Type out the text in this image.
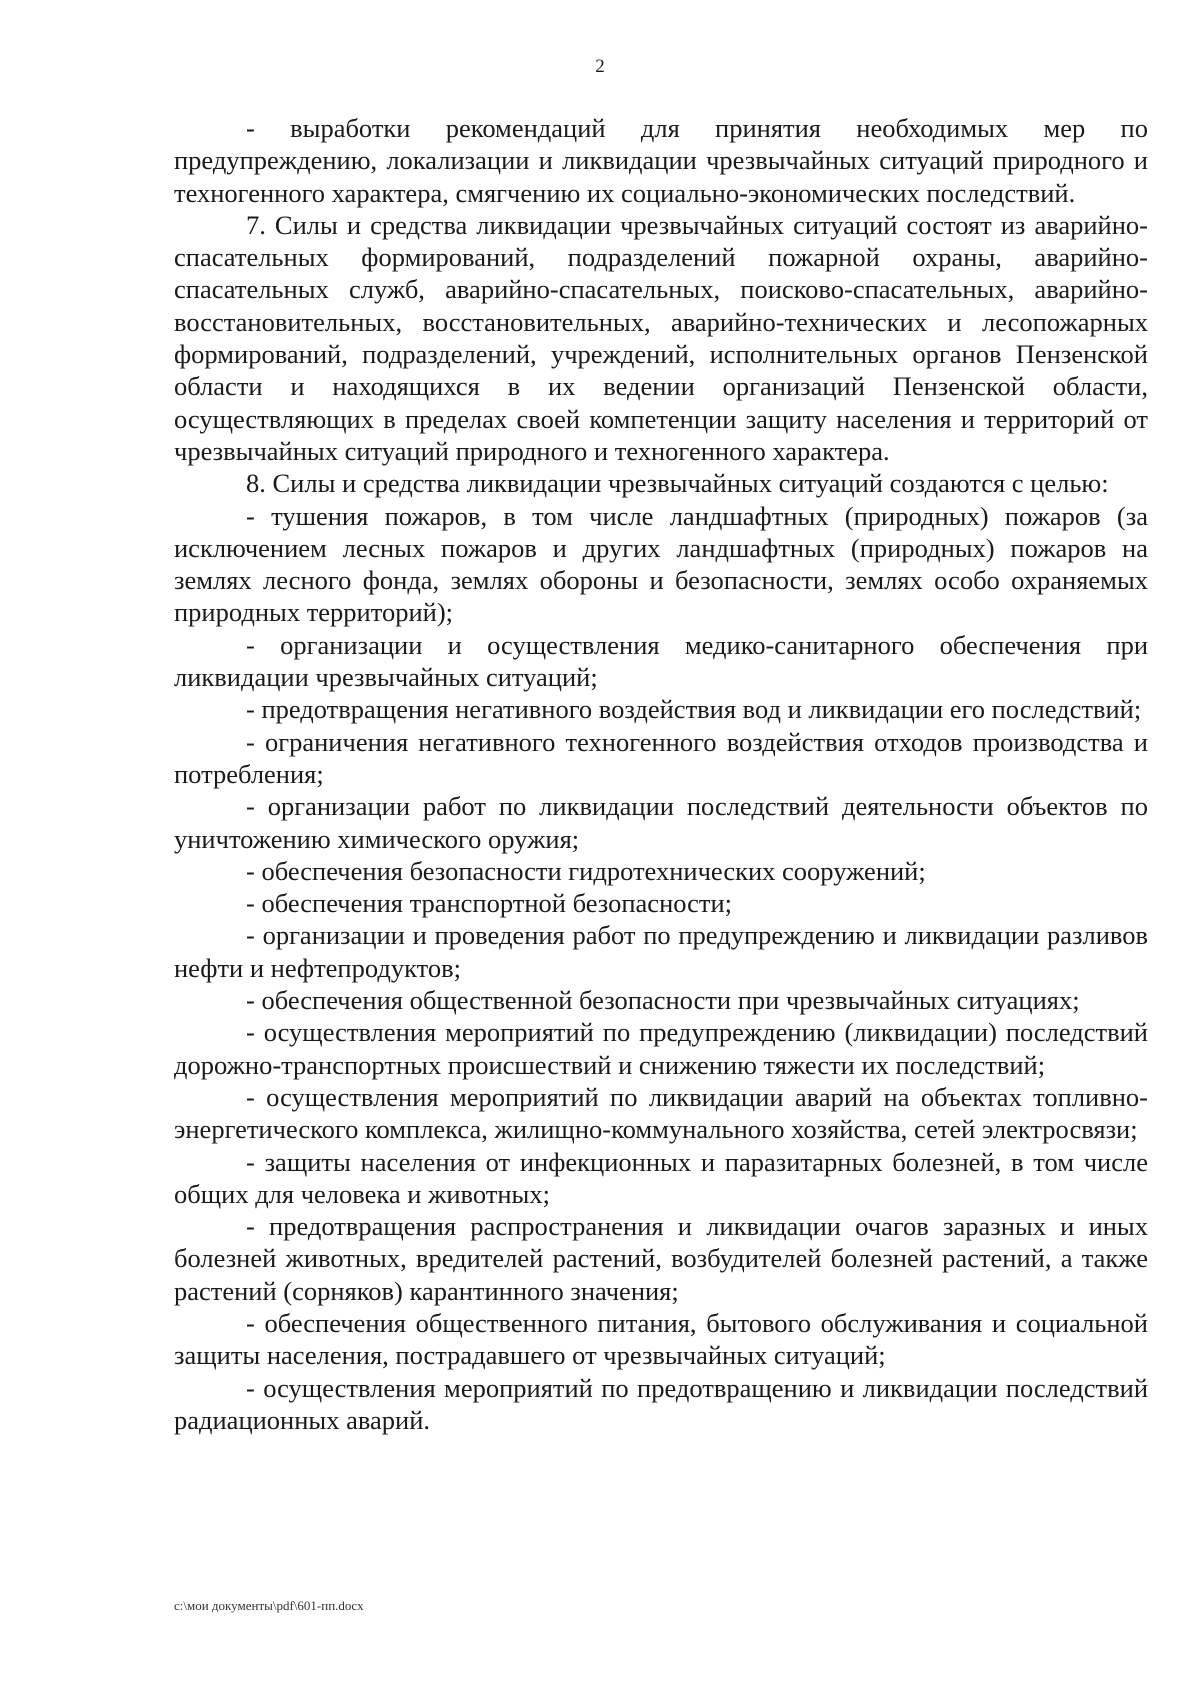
2

- выработки рекомендаций для принятия необходимых мер по предупреждению, локализации и ликвидации чрезвычайных ситуаций природного и техногенного характера, смягчению их социально-экономических последствий.

7. Силы и средства ликвидации чрезвычайных ситуаций состоят из аварийно-спасательных формирований, подразделений пожарной охраны, аварийно-спасательных служб, аварийно-спасательных, поисково-спасательных, аварийно-восстановительных, восстановительных, аварийно-технических и лесопожарных формирований, подразделений, учреждений, исполнительных органов Пензенской области и находящихся в их ведении организаций Пензенской области, осуществляющих в пределах своей компетенции защиту населения и территорий от чрезвычайных ситуаций природного и техногенного характера.

8. Силы и средства ликвидации чрезвычайных ситуаций создаются с целью:

- тушения пожаров, в том числе ландшафтных (природных) пожаров (за исключением лесных пожаров и других ландшафтных (природных) пожаров на землях лесного фонда, землях обороны и безопасности, землях особо охраняемых природных территорий);

- организации и осуществления медико-санитарного обеспечения при ликвидации чрезвычайных ситуаций;

- предотвращения негативного воздействия вод и ликвидации его последствий;

- ограничения негативного техногенного воздействия отходов производства и потребления;

- организации работ по ликвидации последствий деятельности объектов по уничтожению химического оружия;

- обеспечения безопасности гидротехнических сооружений;

- обеспечения транспортной безопасности;

- организации и проведения работ по предупреждению и ликвидации разливов нефти и нефтепродуктов;

- обеспечения общественной безопасности при чрезвычайных ситуациях;

- осуществления мероприятий по предупреждению (ликвидации) последствий дорожно-транспортных происшествий и снижению тяжести их последствий;

- осуществления мероприятий по ликвидации аварий на объектах топливно-энергетического комплекса, жилищно-коммунального хозяйства, сетей электросвязи;

- защиты населения от инфекционных и паразитарных болезней, в том числе общих для человека и животных;

- предотвращения распространения и ликвидации очагов заразных и иных болезней животных, вредителей растений, возбудителей болезней растений, а также растений (сорняков) карантинного значения;

- обеспечения общественного питания, бытового обслуживания и социальной защиты населения, пострадавшего от чрезвычайных ситуаций;

- осуществления мероприятий по предотвращению и ликвидации последствий радиационных аварий.

c:\мои документы\pdf\601-пп.docx
